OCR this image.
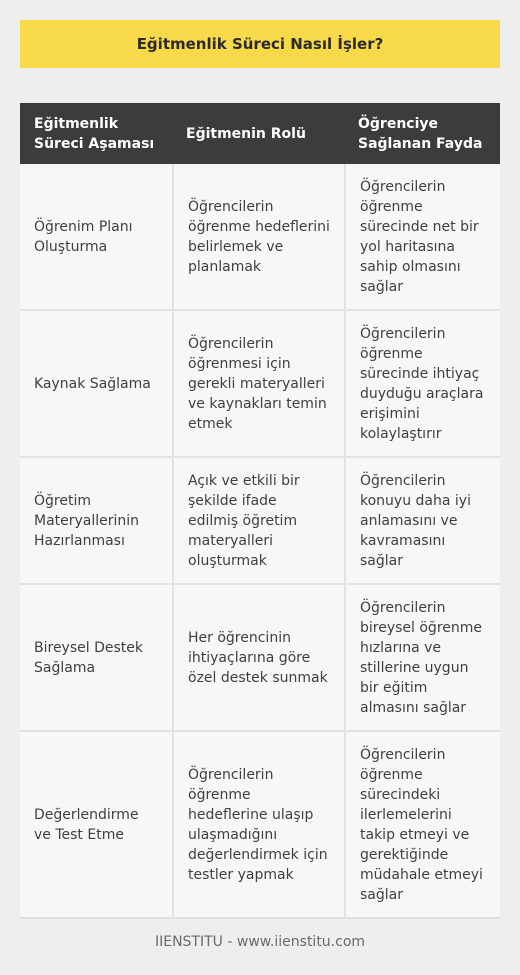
Eğitmenlik Süreci Nasıl İşler?
Eğitmenlik Süreci Aşaması	Eğitmenin Rolü	Öğrenciye Sağlanan Fayda
Öğrenim Planı Oluşturma	Öğrencilerin öğrenme hedeflerini belirlemek ve planlamak	Öğrencilerin öğrenme sürecinde net bir yol haritasına sahip olmasını sağlar
Kaynak Sağlama	Öğrencilerin öğrenmesi için gerekli materyalleri ve kaynakları temin etmek	Öğrencilerin öğrenme sürecinde ihtiyaç duyduğu araçlara erişimini kolaylaştırır
Öğretim Materyallerinin Hazırlanması	Açık ve etkili bir şekilde ifade edilmiş öğretim materyalleri oluşturmak	Öğrencilerin konuyu daha iyi anlamasını ve kavramasını sağlar
Bireysel Destek Sağlama	Her öğrencinin ihtiyaçlarına göre özel destek sunmak	Öğrencilerin bireysel öğrenme hızlarına ve stillerine uygun bir eğitim almasını sağlar
Değerlendirme ve Test Etme	Öğrencilerin öğrenme hedeflerine ulaşıp ulaşmadığını değerlendirmek için testler yapmak	Öğrencilerin öğrenme sürecindeki ilerlemelerini takip etmeyi ve gerektiğinde müdahale etmeyi sağlar
IIENSTITU - www.iienstitu.com
